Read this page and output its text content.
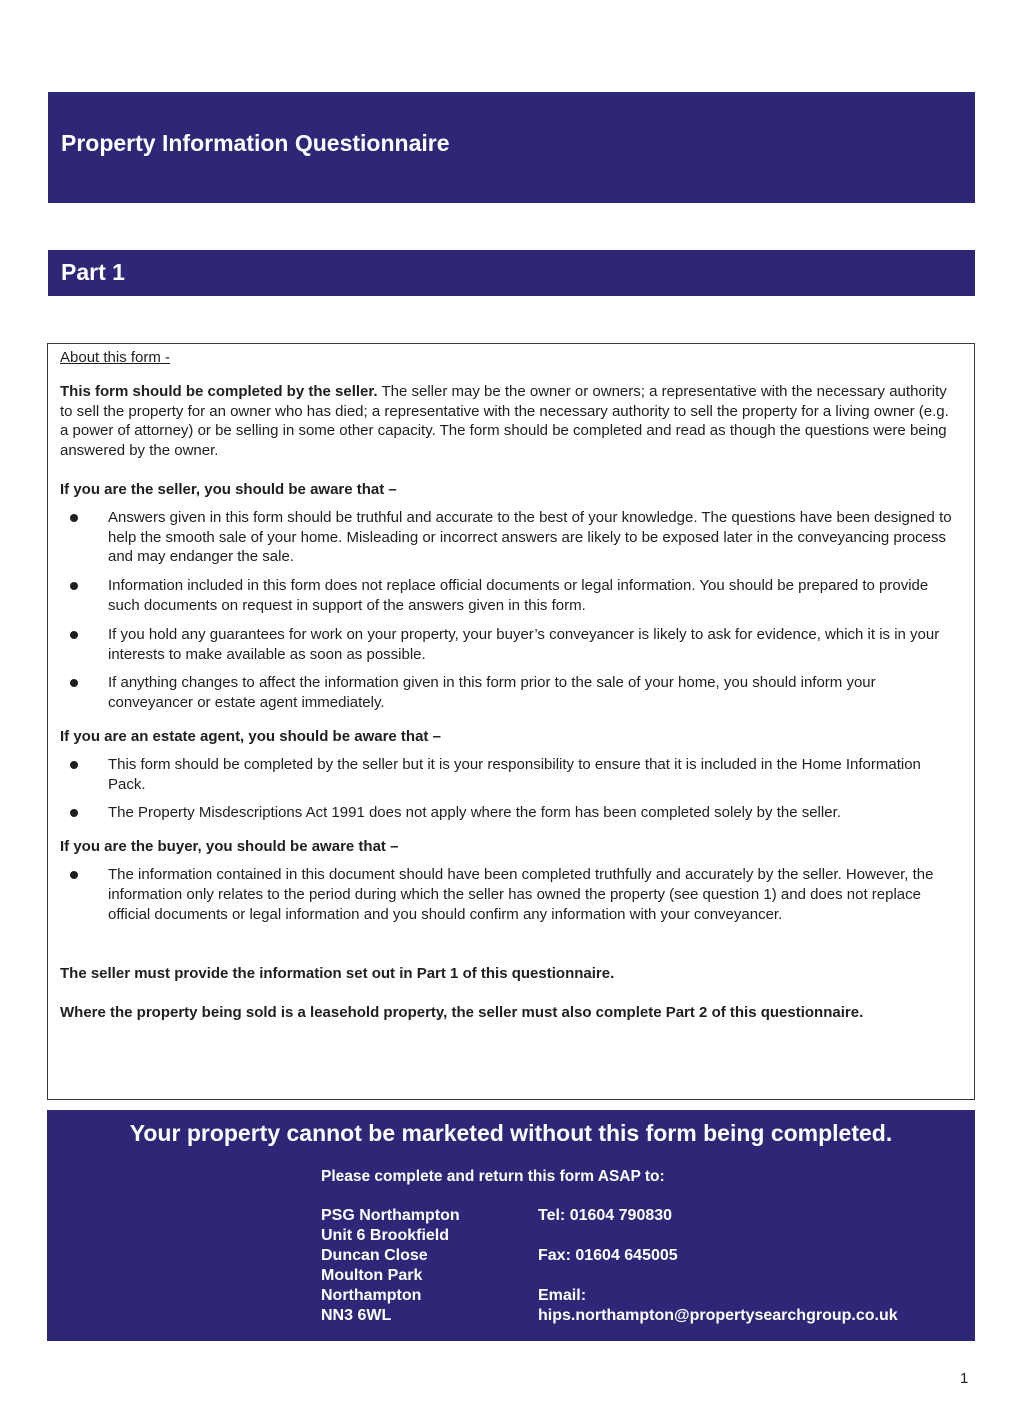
Property Information Questionnaire
Part 1

About this form -

This form should be completed by the seller. The seller may be the owner or owners; a representative with the necessary authority to sell the property for an owner who has died; a representative with the necessary authority to sell the property for a living owner (e.g. a power of attorney) or be selling in some other capacity. The form should be completed and read as though the questions were being answered by the owner.

If you are the seller, you should be aware that –

Answers given in this form should be truthful and accurate to the best of your knowledge. The questions have been designed to help the smooth sale of your home. Misleading or incorrect answers are likely to be exposed later in the conveyancing process and may endanger the sale.
Information included in this form does not replace official documents or legal information. You should be prepared to provide such documents on request in support of the answers given in this form.
If you hold any guarantees for work on your property, your buyer’s conveyancer is likely to ask for evidence, which it is in your interests to make available as soon as possible.
If anything changes to affect the information given in this form prior to the sale of your home, you should inform your conveyancer or estate agent immediately.

If you are an estate agent, you should be aware that –

This form should be completed by the seller but it is your responsibility to ensure that it is included in the Home Information Pack.
The Property Misdescriptions Act 1991 does not apply where the form has been completed solely by the seller.

If you are the buyer, you should be aware that –

The information contained in this document should have been completed truthfully and accurately by the seller. However, the information only relates to the period during which the seller has owned the property (see question 1) and does not replace official documents or legal information and you should confirm any information with your conveyancer.

The seller must provide the information set out in Part 1 of this questionnaire.

Where the property being sold is a leasehold property, the seller must also complete Part 2 of this questionnaire.

Your property cannot be marketed without this form being completed.
Please complete and return this form ASAP to:
PSG Northampton
Unit 6 Brookfield
Duncan Close
Moulton Park
Northampton
NN3 6WL
Tel: 01604 790830
Fax: 01604 645005
Email:
hips.northampton@propertysearchgroup.co.uk
1
